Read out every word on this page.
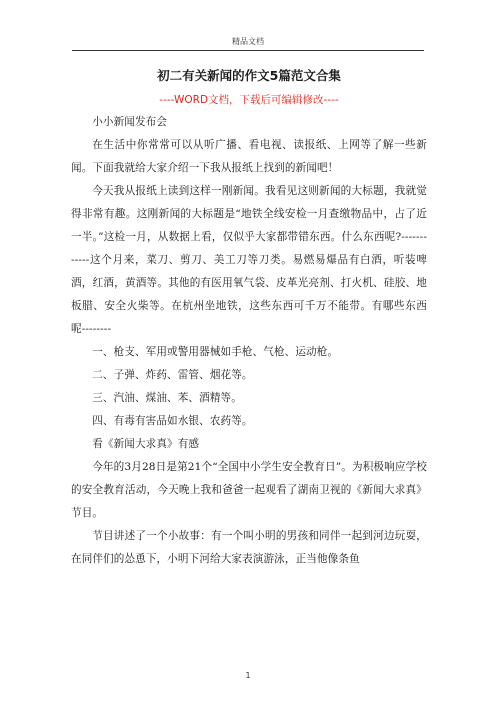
精品文档
初二有关新闻的作文5篇范文合集
----WORD文档，下载后可编辑修改----

小小新闻发布会

在生活中你常常可以从听广播、看电视、读报纸、上网等了解一些新闻。下面我就给大家介绍一下我从报纸上找到的新闻吧！

今天我从报纸上读到这样一刚新闻。我看见这则新闻的大标题，我就觉得非常有趣。这刚新闻的大标题是“地铁全线安检一月查缴物品中，占了近一半。”这检一月，从数据上看，仅似乎大家都带错东西。什么东西呢?------------这个月来，菜刀、剪刀、美工刀等刀类。易燃易爆品有白酒，听装啤酒，红酒，黄酒等。其他的有医用氧气袋、皮革光亮剂、打火机、硅胶、地板腊、安全火柴等。在杭州坐地铁，这些东西可千万不能带。有哪些东西呢--------

一、枪支、军用或警用器械如手枪、气枪、运动枪。

二、子弹、炸药、雷管、烟花等。

三、汽油、煤油、苯、酒精等。

四、有毒有害品如水银、农药等。

看《新闻大求真》有感

今年的3月28日是第21个“全国中小学生安全教育日”。为积极响应学校的安全教育活动，今天晚上我和爸爸一起观看了湖南卫视的《新闻大求真》节目。

节目讲述了一个小故事：有一个叫小明的男孩和同伴一起到河边玩耍，在同伴们的怂恿下，小明下河给大家表演游泳，正当他像条鱼

1
